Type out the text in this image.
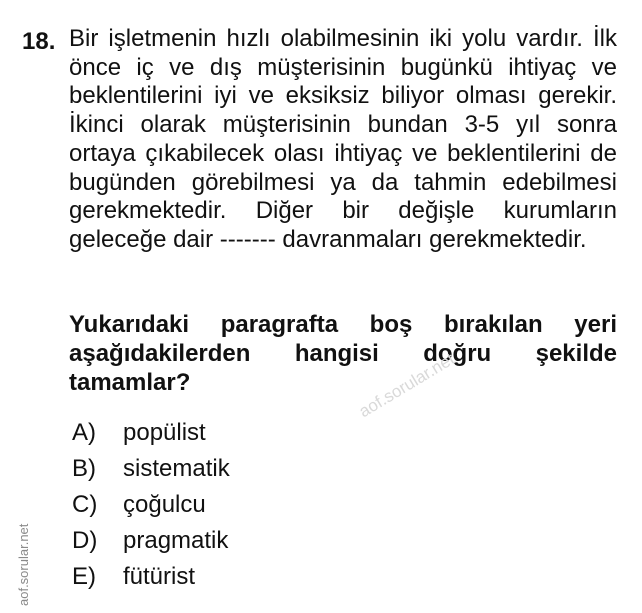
18. Bir işletmenin hızlı olabilmesinin iki yolu vardır. İlk önce iç ve dış müşterisinin bugünkü ihtiyaç ve beklentilerini iyi ve eksiksiz biliyor olması gerekir. İkinci olarak müşterisinin bundan 3-5 yıl sonra ortaya çıkabilecek olası ihtiyaç ve beklentilerini de bugünden görebilmesi ya da tahmin edebilmesi gerekmektedir. Diğer bir değişle kurumların geleceğe dair ------- davranmaları gerekmektedir.

Yukarıdaki paragrafta boş bırakılan yeri aşağıdakilerden hangisi doğru şekilde tamamlar?

A)	popülist
B)	sistematik
C)	çoğulcu
D)	pragmatik
E)	fütürist
aof.sorular.net
aof.sorular.net
